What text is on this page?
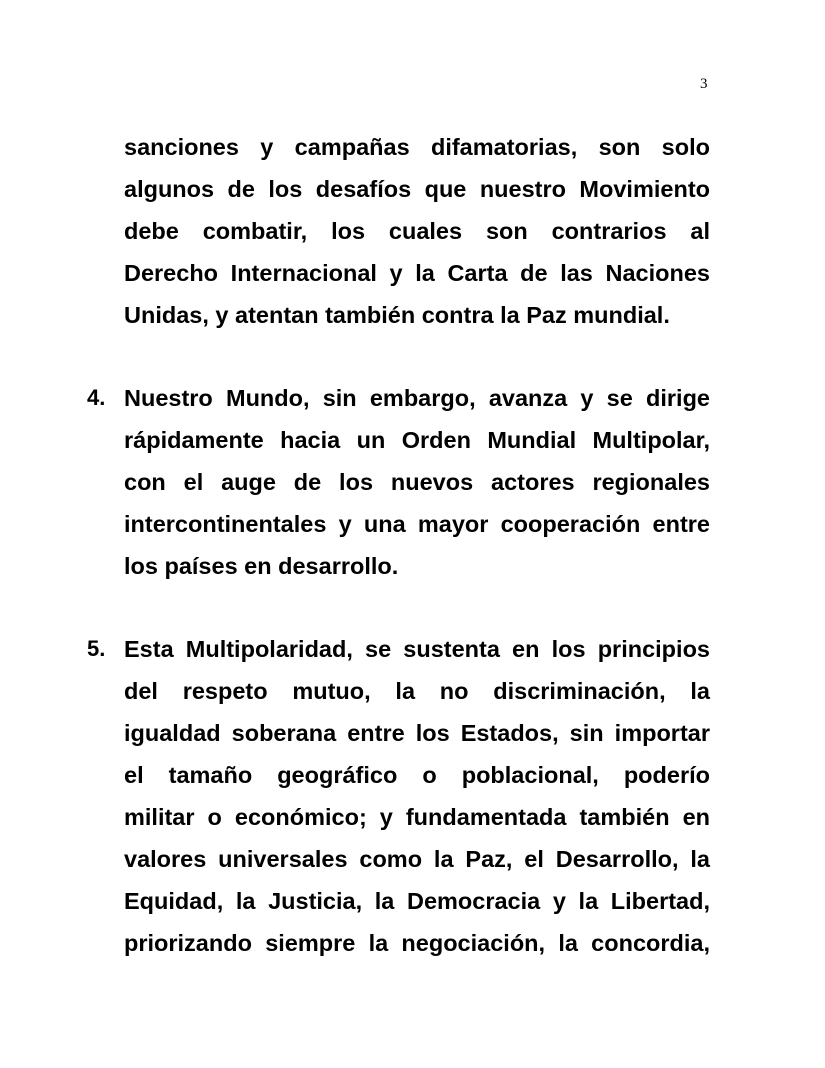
3
sanciones y campañas difamatorias, son solo
algunos de los desafíos que nuestro Movimiento
debe combatir, los cuales son contrarios al
Derecho Internacional y la Carta de las Naciones
Unidas, y atentan también contra la Paz mundial.
4. Nuestro Mundo, sin embargo, avanza y se dirige
rápidamente hacia un Orden Mundial Multipolar,
con el auge de los nuevos actores regionales
intercontinentales y una mayor cooperación entre
los países en desarrollo.
5. Esta Multipolaridad, se sustenta en los principios
del respeto mutuo, la no discriminación, la
igualdad soberana entre los Estados, sin importar
el tamaño geográfico o poblacional, poderío
militar o económico; y fundamentada también en
valores universales como la Paz, el Desarrollo, la
Equidad, la Justicia, la Democracia y la Libertad,
priorizando siempre la negociación, la concordia,
